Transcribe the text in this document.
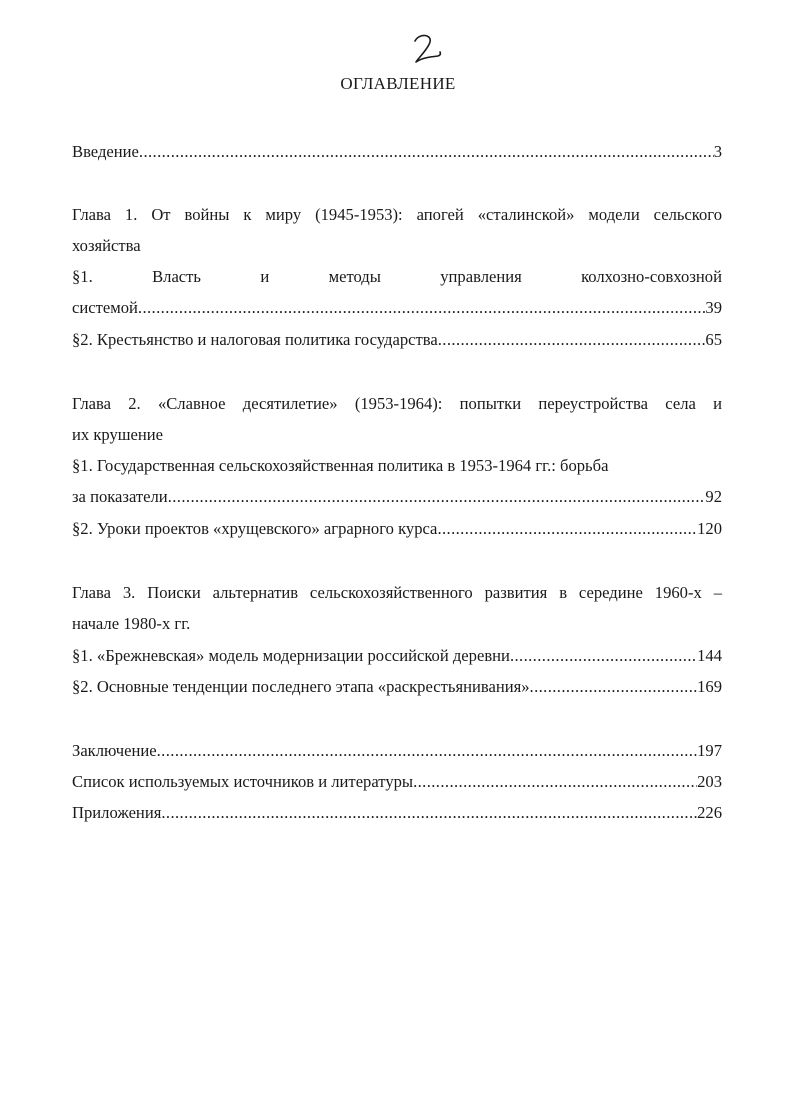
ОГЛАВЛЕНИЕ
Введение .....	3
Глава 1. От войны к миру (1945-1953): апогей «сталинской» модели сельского
хозяйства
§1.	Власть	и	методы	управления	колхозно-совхозной
системой .....	39
§2. Крестьянство и налоговая политика государства .....	65
Глава 2. «Славное десятилетие» (1953-1964): попытки переустройства села и
их крушение
§1. Государственная сельскохозяйственная политика в 1953-1964 гг.: борьба
за показатели .....	92
§2. Уроки проектов «хрущевского» аграрного курса .....	120
Глава 3. Поиски альтернатив сельскохозяйственного развития в середине 1960-х –
начале 1980-х гг.
§1. «Брежневская» модель модернизации российской деревни .....	144
§2. Основные тенденции последнего этапа «раскрестьянивания» .....	169
Заключение .....	197
Список используемых источников и литературы .....	203
Приложения .....	226
